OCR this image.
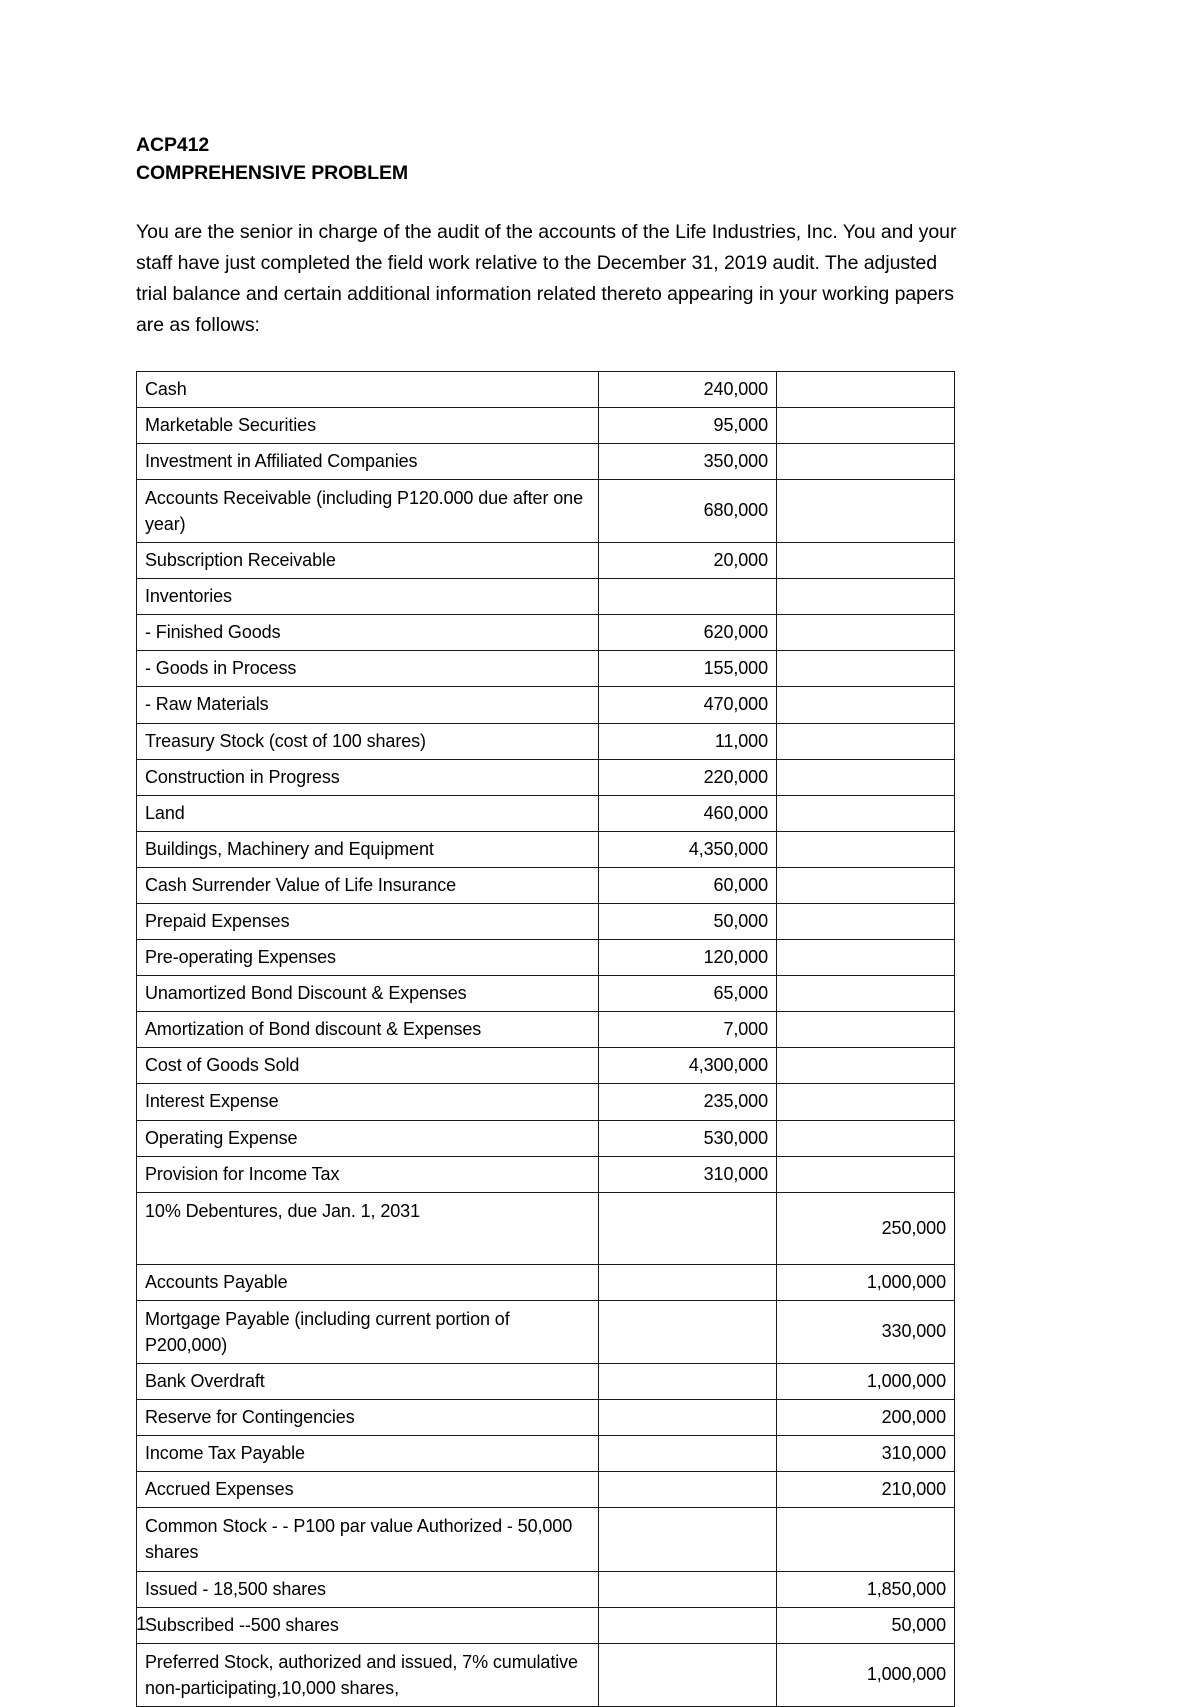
ACP412
COMPREHENSIVE PROBLEM

You are the senior in charge of the audit of the accounts of the Life Industries, Inc. You and your staff have just completed the field work relative to the December 31, 2019 audit. The adjusted trial balance and certain additional information related thereto appearing in your working papers are as follows:

Cash	240,000	
Marketable Securities	95,000	
Investment in Affiliated Companies	350,000	
Accounts Receivable (including P120.000 due after one year)	680,000	
Subscription Receivable	20,000	
Inventories		
- Finished Goods	620,000	
- Goods in Process	155,000	
- Raw Materials	470,000	
Treasury Stock (cost of 100 shares)	11,000	
Construction in Progress	220,000	
Land	460,000	
Buildings, Machinery and Equipment	4,350,000	
Cash Surrender Value of Life Insurance	60,000	
Prepaid Expenses	50,000	
Pre-operating Expenses	120,000	
Unamortized Bond Discount & Expenses	65,000	
Amortization of Bond discount & Expenses	7,000	
Cost of Goods Sold	4,300,000	
Interest Expense	235,000	
Operating Expense	530,000	
Provision for Income Tax	310,000	
10% Debentures, due Jan. 1, 2031		250,000
Accounts Payable		1,000,000
Mortgage Payable (including current portion of P200,000)		330,000
Bank Overdraft		1,000,000
Reserve for Contingencies		200,000
Income Tax Payable		310,000
Accrued Expenses		210,000
Common Stock - - P100 par value Authorized - 50,000 shares		
Issued - 18,500 shares		1,850,000
Subscribed --500 shares		50,000
Preferred Stock, authorized and issued, 7% cumulative non-participating,10,000 shares,		1,000,000
1
